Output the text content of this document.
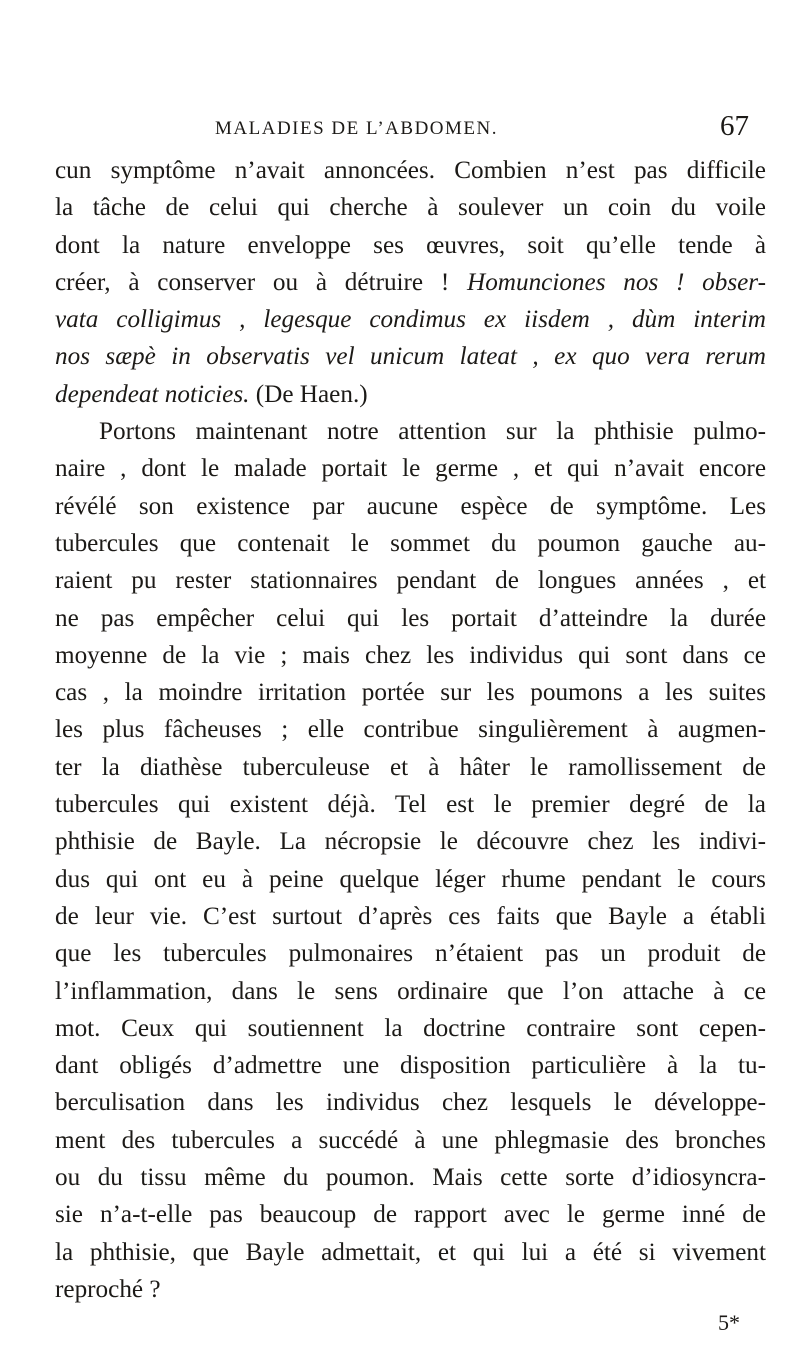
MALADIES DE L’ABDOMEN.	67
cun symptôme n’avait annoncées. Combien n’est pas difficile
la tâche de celui qui cherche à soulever un coin du voile
dont la nature enveloppe ses œuvres, soit qu’elle tende à
créer, à conserver ou à détruire ! Homunciones nos ! obser-
vata colligimus , legesque condimus ex iisdem , dùm interim
nos sæpè in observatis vel unicum lateat , ex quo vera rerum
dependeat noticies. (De Haen.)
Portons maintenant notre attention sur la phthisie pulmo-
naire , dont le malade portait le germe , et qui n’avait encore
révélé son existence par aucune espèce de symptôme. Les
tubercules que contenait le sommet du poumon gauche au-
raient pu rester stationnaires pendant de longues années , et
ne pas empêcher celui qui les portait d’atteindre la durée
moyenne de la vie ; mais chez les individus qui sont dans ce
cas , la moindre irritation portée sur les poumons a les suites
les plus fâcheuses ; elle contribue singulièrement à augmen-
ter la diathèse tuberculeuse et à hâter le ramollissement de
tubercules qui existent déjà. Tel est le premier degré de la
phthisie de Bayle. La nécropsie le découvre chez les indivi-
dus qui ont eu à peine quelque léger rhume pendant le cours
de leur vie. C’est surtout d’après ces faits que Bayle a établi
que les tubercules pulmonaires n’étaient pas un produit de
l’inflammation, dans le sens ordinaire que l’on attache à ce
mot. Ceux qui soutiennent la doctrine contraire sont cepen-
dant obligés d’admettre une disposition particulière à la tu-
berculisation dans les individus chez lesquels le développe-
ment des tubercules a succédé à une phlegmasie des bronches
ou du tissu même du poumon. Mais cette sorte d’idiosyncra-
sie n’a-t-elle pas beaucoup de rapport avec le germe inné de
la phthisie, que Bayle admettait, et qui lui a été si vivement
reproché ?
5*
